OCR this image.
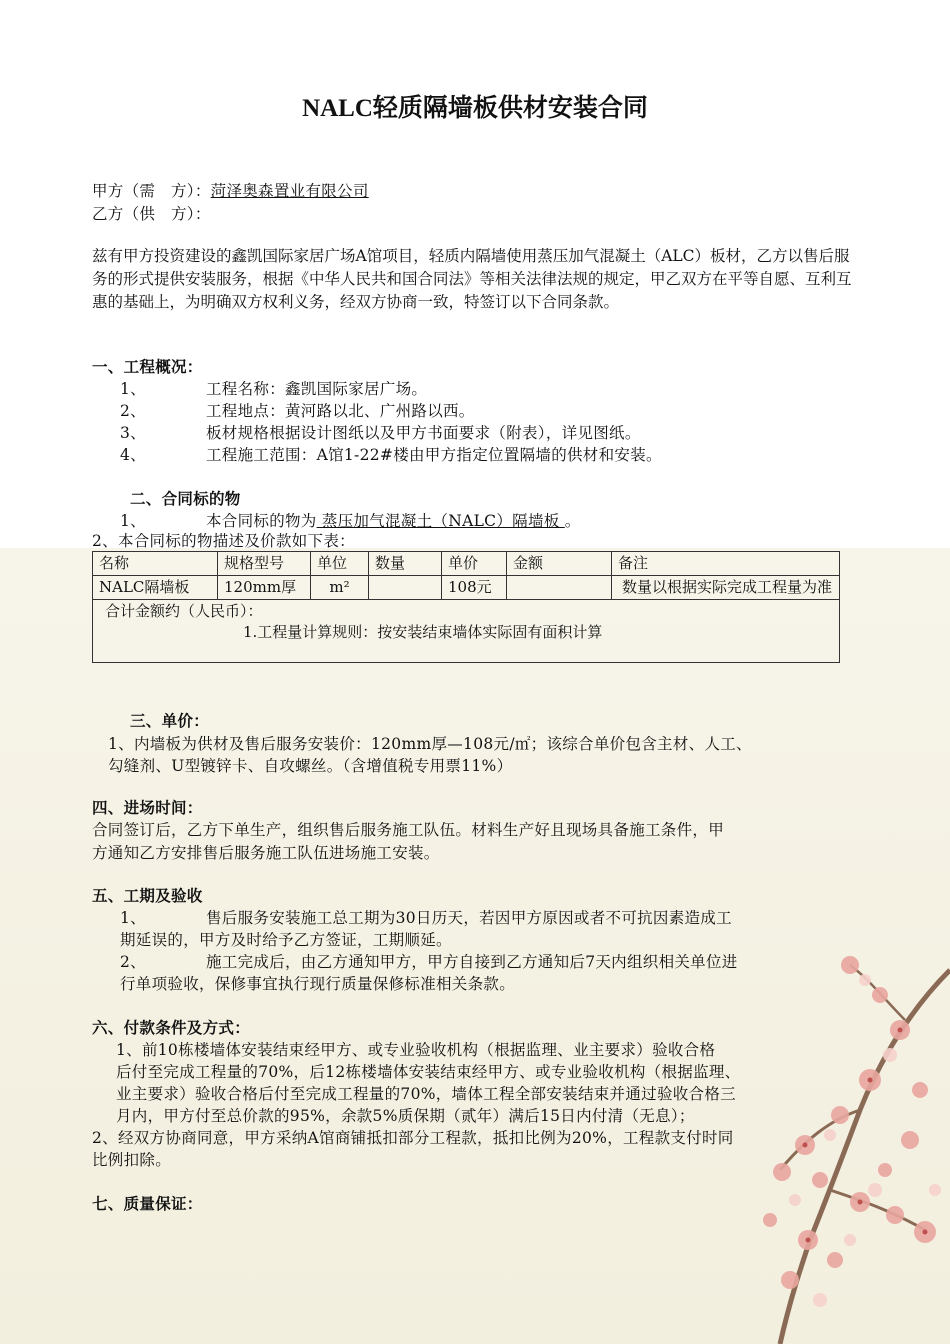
NALC轻质隔墙板供材安装合同
甲方（需　方）：菏泽奥森置业有限公司
乙方（供　方）：
兹有甲方投资建设的鑫凯国际家居广场A馆项目，轻质内隔墙使用蒸压加气混凝土（ALC）板材，乙方以售后服务的形式提供安装服务，根据《中华人民共和国合同法》等相关法律法规的规定，甲乙双方在平等自愿、互利互惠的基础上，为明确双方权利义务，经双方协商一致，特签订以下合同条款。
一、工程概况：
1、	工程名称：鑫凯国际家居广场。
2、	工程地点：黄河路以北、广州路以西。
3、	板材规格根据设计图纸以及甲方书面要求（附表），详见图纸。
4、	工程施工范围：A馆1-22#楼由甲方指定位置隔墙的供材和安装。
二、合同标的物
1、	本合同标的物为 蒸压加气混凝土（NALC）隔墙板 。
2、本合同标的物描述及价款如下表：
名称	规格型号	单位	数量	单价	金额	备注
NALC隔墙板	120mm厚	m²		108元		数量以根据实际完成工程量为准

合计金额约（人民币）：
1.工程量计算规则：按安装结束墙体实际固有面积计算						
三、单价：
1、内墙板为供材及售后服务安装价：120mm厚—108元/㎡；该综合单价包含主材、人工、
勾缝剂、U型镀锌卡、自攻螺丝。（含增值税专用票11%）
四、进场时间：
合同签订后，乙方下单生产，组织售后服务施工队伍。材料生产好且现场具备施工条件，甲
方通知乙方安排售后服务施工队伍进场施工安装。
五、工期及验收
1、	售后服务安装施工总工期为30日历天，若因甲方原因或者不可抗因素造成工
期延误的，甲方及时给予乙方签证，工期顺延。
2、	施工完成后，由乙方通知甲方，甲方自接到乙方通知后7天内组织相关单位进
行单项验收，保修事宜执行现行质量保修标准相关条款。
六、付款条件及方式：
1、前10栋楼墙体安装结束经甲方、或专业验收机构（根据监理、业主要求）验收合格
后付至完成工程量的70%，后12栋楼墙体安装结束经甲方、或专业验收机构（根据监理、
业主要求）验收合格后付至完成工程量的70%，墙体工程全部安装结束并通过验收合格三
月内，甲方付至总价款的95%，余款5%质保期（贰年）满后15日内付清（无息）；
2、经双方协商同意，甲方采纳A馆商铺抵扣部分工程款，抵扣比例为20%，工程款支付时同
比例扣除。
七、质量保证：
